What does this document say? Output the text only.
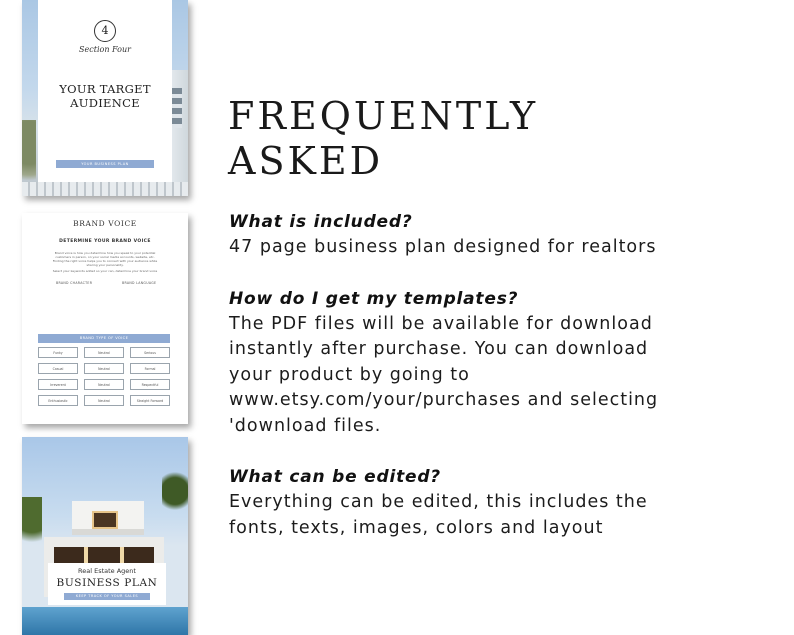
4
Section Four
YOUR TARGET
AUDIENCE
YOUR BUSINESS PLAN
BRAND VOICE
DETERMINE YOUR BRAND VOICE
Brand voice is how you determine how you speak to your potential customers in person, on your social media accounts, website, etc. Finding the right voice helps you to connect with your audience while sharing your personality.
Select your keywords added so your can, determine your brand voice
BRAND CHARACTER	BRAND LANGUAGE
BRAND TYPE OF VOICE
Funky	Neutral	Serious
Casual	Neutral	Formal
Irreverent	Neutral	Respectful
Enthusiastic	Neutral	Straight Forward
Real Estate Agent
BUSINESS PLAN
KEEP TRACK OF YOUR SALES
FREQUENTLY
ASKED

What is included?

47 page business plan designed for realtors

How do I get my templates?

The PDF files will be available for download

instantly after purchase. You can download

your product by going to

www.etsy.com/your/purchases and selecting

'download files.

What can be edited?

Everything can be edited, this includes the

fonts, texts, images, colors and layout
